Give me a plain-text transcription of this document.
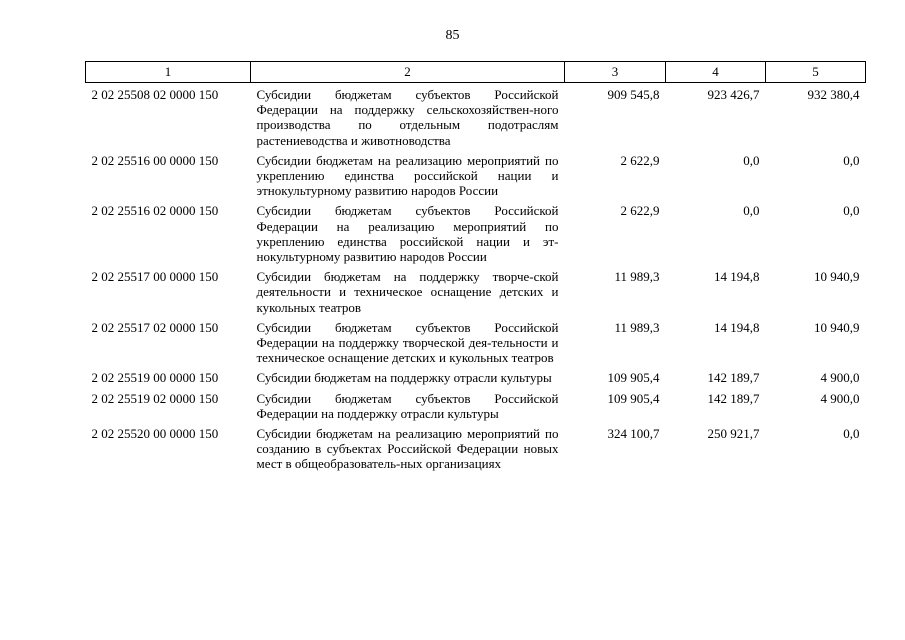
85
1	2	3	4	5
2 02 25508 02 0000 150	Субсидии бюджетам субъектов Российской Федерации на поддержку сельскохозяйствен-ного производства по отдельным подотраслям растениеводства и животноводства	909 545,8	923 426,7	932 380,4
2 02 25516 00 0000 150	Субсидии бюджетам на реализацию мероприятий по укреплению единства российской нации и этнокультурному развитию народов России	2 622,9	0,0	0,0
2 02 25516 02 0000 150	Субсидии бюджетам субъектов Российской Федерации на реализацию мероприятий по укреплению единства российской нации и эт-нокультурному развитию народов России	2 622,9	0,0	0,0
2 02 25517 00 0000 150	Субсидии бюджетам на поддержку творче-ской деятельности и техническое оснащение детских и кукольных театров	11 989,3	14 194,8	10 940,9
2 02 25517 02 0000 150	Субсидии бюджетам субъектов Российской Федерации на поддержку творческой дея-тельности и техническое оснащение детских и кукольных театров	11 989,3	14 194,8	10 940,9
2 02 25519 00 0000 150	Субсидии бюджетам на поддержку отрасли культуры	109 905,4	142 189,7	4 900,0
2 02 25519 02 0000 150	Субсидии бюджетам субъектов Российской Федерации на поддержку отрасли культуры	109 905,4	142 189,7	4 900,0
2 02 25520 00 0000 150	Субсидии бюджетам на реализацию мероприятий по созданию в субъектах Российской Федерации новых мест в общеобразователь-ных организациях	324 100,7	250 921,7	0,0
